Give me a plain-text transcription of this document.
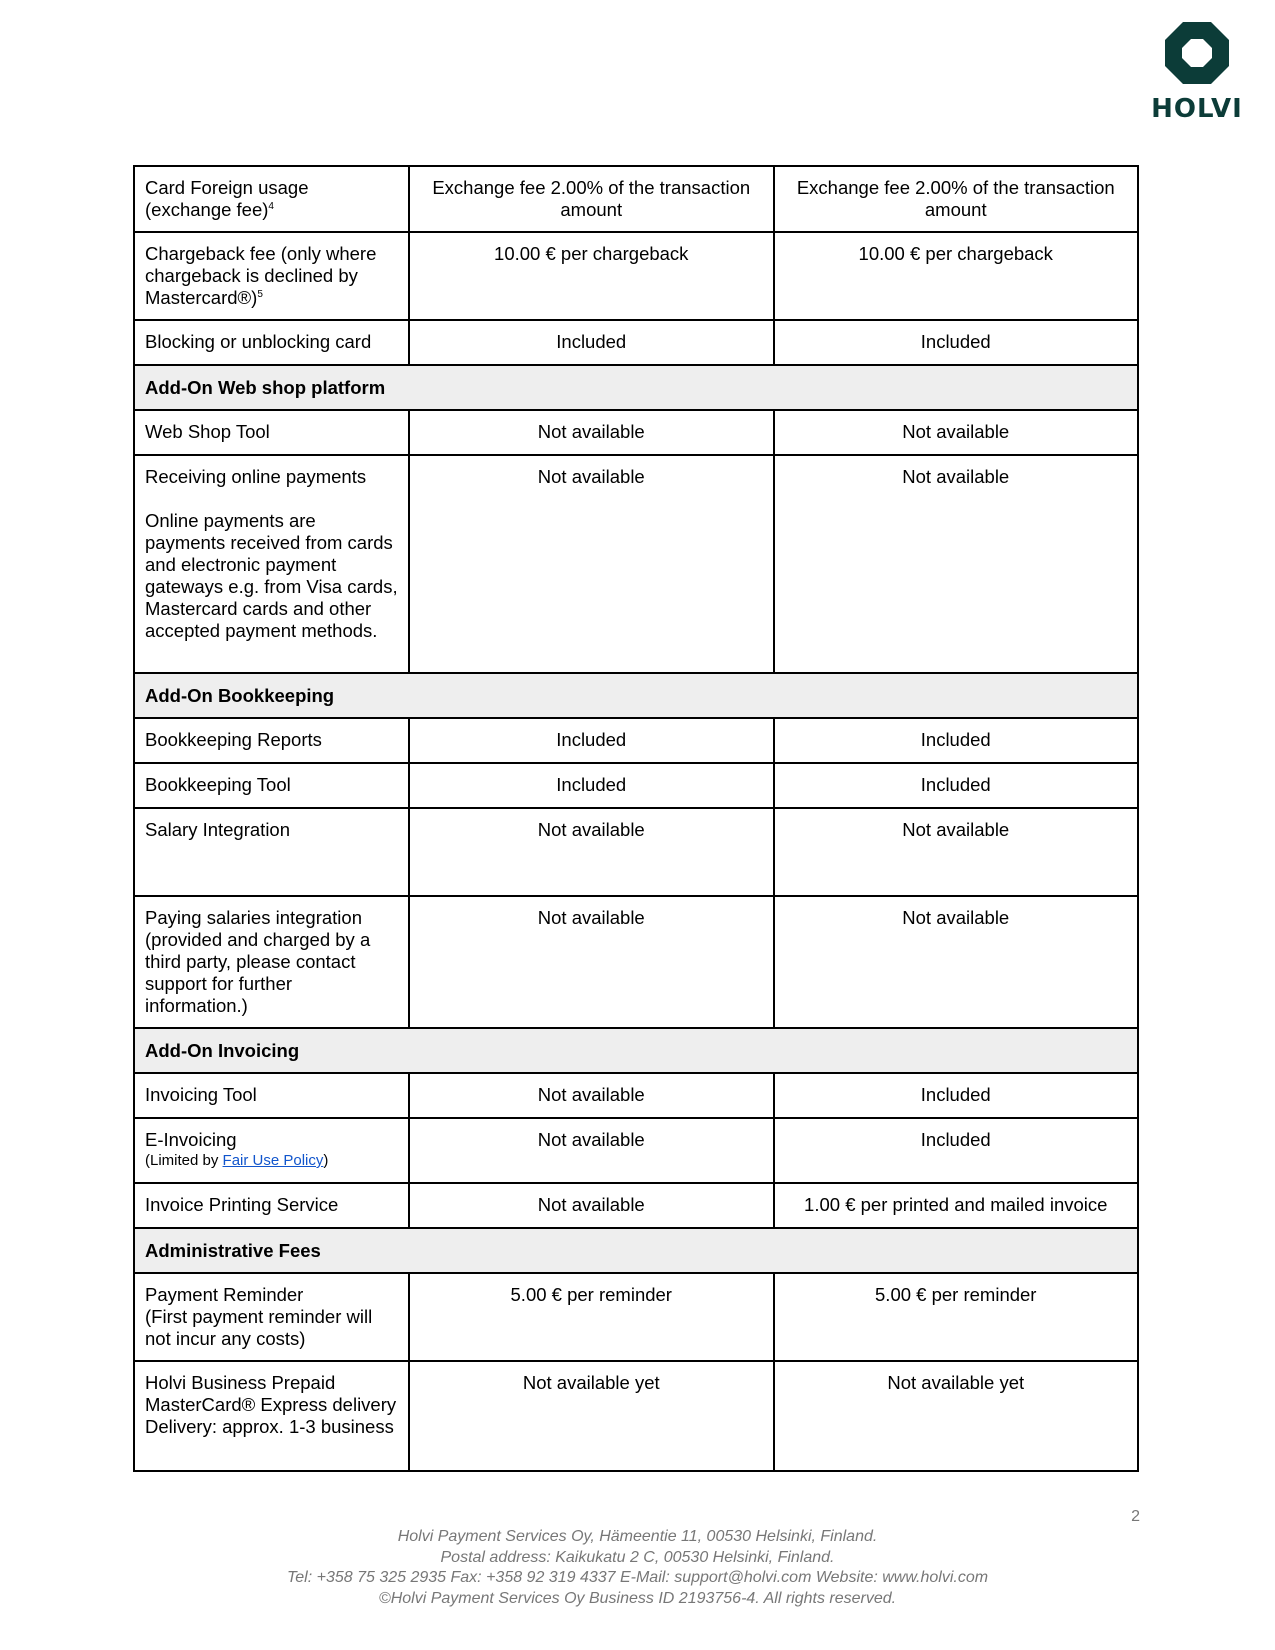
HOLVI
Card Foreign usage (exchange fee)$^4$	Exchange fee 2.00% of the transaction amount	Exchange fee 2.00% of the transaction amount
Chargeback fee (only where chargeback is declined by Mastercard®)$^5$	10.00 € per chargeback	10.00 € per chargeback
Blocking or unblocking card	Included	Included
Add-On Web shop platform		
Web Shop Tool	Not available	Not available

Receiving online payments
Online payments are payments received from cards and electronic payment gateways e.g. from Visa cards, Mastercard cards and other accepted payment methods.	Not available	Not available
Add-On Bookkeeping		
Bookkeeping Reports	Included	Included
Bookkeeping Tool	Included	Included
Salary Integration	Not available	Not available
Paying salaries integration (provided and charged by a third party, please contact support for further information.)	Not available	Not available
Add-On Invoicing		
Invoicing Tool	Not available	Included

E-Invoicing
(Limited by Fair Use Policy)	Not available	Included
Invoice Printing Service	Not available	1.00 € per printed and mailed invoice
Administrative Fees		

Payment Reminder
(First payment reminder will not incur any costs)	5.00 € per reminder	5.00 € per reminder

Holvi Business Prepaid MasterCard® Express delivery
Delivery: approx. 1-3 business	Not available yet	Not available yet
2
Holvi Payment Services Oy, Hämeentie 11, 00530 Helsinki, Finland.
Postal address: Kaikukatu 2 C, 00530 Helsinki, Finland.
Tel: +358 75 325 2935 Fax: +358 92 319 4337 E-Mail: support@holvi.com Website: www.holvi.com
©Holvi Payment Services Oy Business ID 2193756-4. All rights reserved.
